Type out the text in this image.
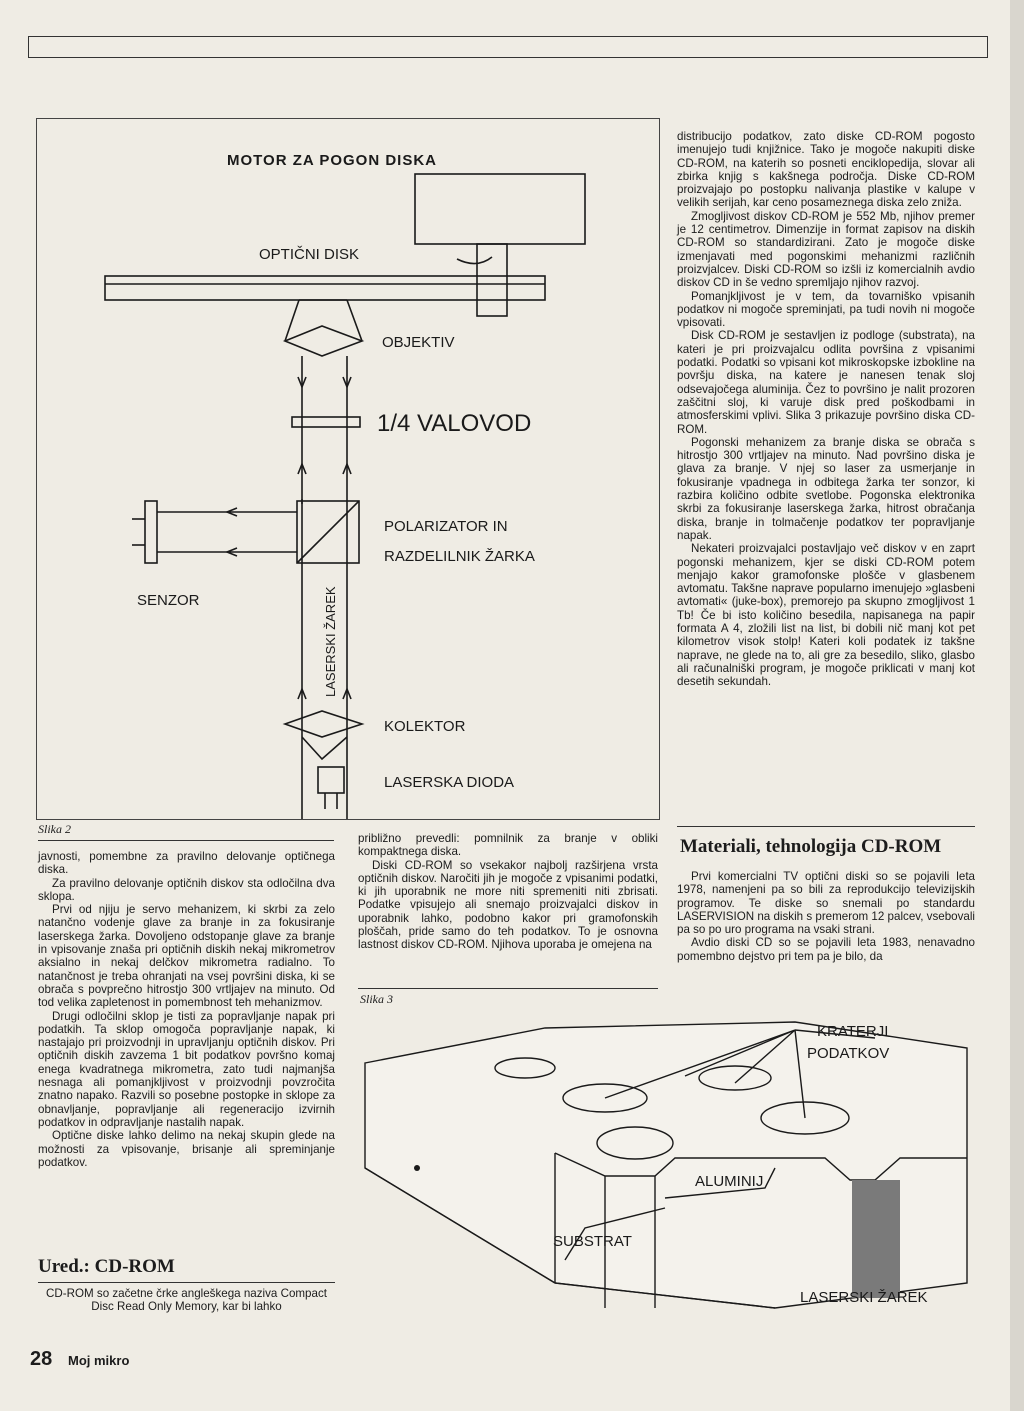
MOTOR ZA POGON DISKA
OPTIČNI DISK
OBJEKTIV
1/4 VALOVOD
POLARIZATOR IN
RAZDELILNIK ŽARKA
SENZOR	LASERSKI ŽAREK
KOLEKTOR
LASERSKA DIODA
Slika 2

distribucijo podatkov, zato diske CD-ROM pogosto imenujejo tudi knjižnice. Tako je mogoče nakupiti diske CD-ROM, na katerih so posneti enciklopedija, slovar ali zbirka knjig s kakšnega področja. Diske CD-ROM proizvajajo po postopku nalivanja plastike v kalupe v velikih serijah, kar ceno posameznega diska zelo zniža.

Zmogljivost diskov CD-ROM je 552 Mb, njihov premer je 12 centimetrov. Dimenzije in format zapisov na diskih CD-ROM so standardizirani. Zato je mogoče diske izmenjavati med pogonskimi mehanizmi različnih proizvjalcev. Diski CD-ROM so izšli iz komercialnih avdio diskov CD in še vedno spremljajo njihov razvoj.

Pomanjkljivost je v tem, da tovarniško vpisanih podatkov ni mogoče spreminjati, pa tudi novih ni mogoče vpisovati.

Disk CD-ROM je sestavljen iz podloge (substrata), na kateri je pri proizvajalcu odlita površina z vpisanimi podatki. Podatki so vpisani kot mikroskopske izbokline na površju diska, na katere je nanesen tenak sloj odsevajočega aluminija. Čez to površino je nalit prozoren zaščitni sloj, ki varuje disk pred poškodbami in atmosferskimi vplivi. Slika 3 prikazuje površino diska CD-ROM.

Pogonski mehanizem za branje diska se obrača s hitrostjo 300 vrtljajev na minuto. Nad površino diska je glava za branje. V njej so laser za usmerjanje in fokusiranje vpadnega in odbitega žarka ter sonzor, ki razbira količino odbite svetlobe. Pogonska elektronika skrbi za fokusiranje laserskega žarka, hitrost obračanja diska, branje in tolmačenje podatkov ter popravljanje napak.

Nekateri proizvajalci postavljajo več diskov v en zaprt pogonski mehanizem, kjer se diski CD-ROM potem menjajo kakor gramofonske plošče v glasbenem avtomatu. Takšne naprave popularno imenujejo »glasbeni avtomati« (juke-box), premorejo pa skupno zmogljivost 1 Tb! Če bi isto količino besedila, napisanega na papir formata A 4, zložili list na list, bi dobili nič manj kot pet kilometrov visok stolp! Kateri koli podatek iz takšne naprave, ne glede na to, ali gre za besedilo, sliko, glasbo ali računalniški program, je mogoče priklicati v manj kot desetih sekundah.

Materiali, tehnologija CD-ROM

Prvi komercialni TV optični diski so se pojavili leta 1978, namenjeni pa so bili za reprodukcijo televizijskih programov. Te diske so snemali po standardu LASERVISION na diskih s premerom 12 palcev, vsebovali pa so po uro programa na vsaki strani.

Avdio diski CD so se pojavili leta 1983, nenavadno pomembno dejstvo pri tem pa je bilo, da

približno prevedli: pomnilnik za branje v obliki kompaktnega diska.

Diski CD-ROM so vsekakor najbolj razširjena vrsta optičnih diskov. Naročiti jih je mogoče z vpisanimi podatki, ki jih uporabnik ne more niti spremeniti niti zbrisati. Podatke vpisujejo ali snemajo proizvajalci diskov in uporabnik lahko, podobno kakor pri gramofonskih ploščah, pride samo do teh podatkov. To je osnovna lastnost diskov CD-ROM. Njihova uporaba je omejena na

Slika 3
KRATERJI
PODATKOV
ALUMINIJ
SUBSTRAT
LASERSKI ŽAREK

javnosti, pomembne za pravilno delovanje optičnega diska.

Za pravilno delovanje optičnih diskov sta odločilna dva sklopa.

Prvi od njiju je servo mehanizem, ki skrbi za zelo natančno vodenje glave za branje in za fokusiranje laserskega žarka. Dovoljeno odstopanje glave za branje in vpisovanje znaša pri optičnih diskih nekaj mikrometrov aksialno in nekaj delčkov mikrometra radialno. To natančnost je treba ohranjati na vsej površini diska, ki se obrača s povprečno hitrostjo 300 vrtljajev na minuto. Od tod velika zapletenost in pomembnost teh mehanizmov.

Drugi odločilni sklop je tisti za popravljanje napak pri podatkih. Ta sklop omogoča popravljanje napak, ki nastajajo pri proizvodnji in upravljanju optičnih diskov. Pri optičnih diskih zavzema 1 bit podatkov površno komaj enega kvadratnega mikrometra, zato tudi najmanjša nesnaga ali pomanjkljivost v proizvodnji povzročita znatno napako. Razvili so posebne postopke in sklope za obnavljanje, popravljanje ali regeneracijo izvirnih podatkov in odpravljanje nastalih napak.

Optične diske lahko delimo na nekaj skupin glede na možnosti za vpisovanje, brisanje ali spreminjanje podatkov.

Ured.: CD-ROM

CD-ROM so začetne črke angleškega naziva Compact Disc Read Only Memory, kar bi lahko

28 Moj mikro
